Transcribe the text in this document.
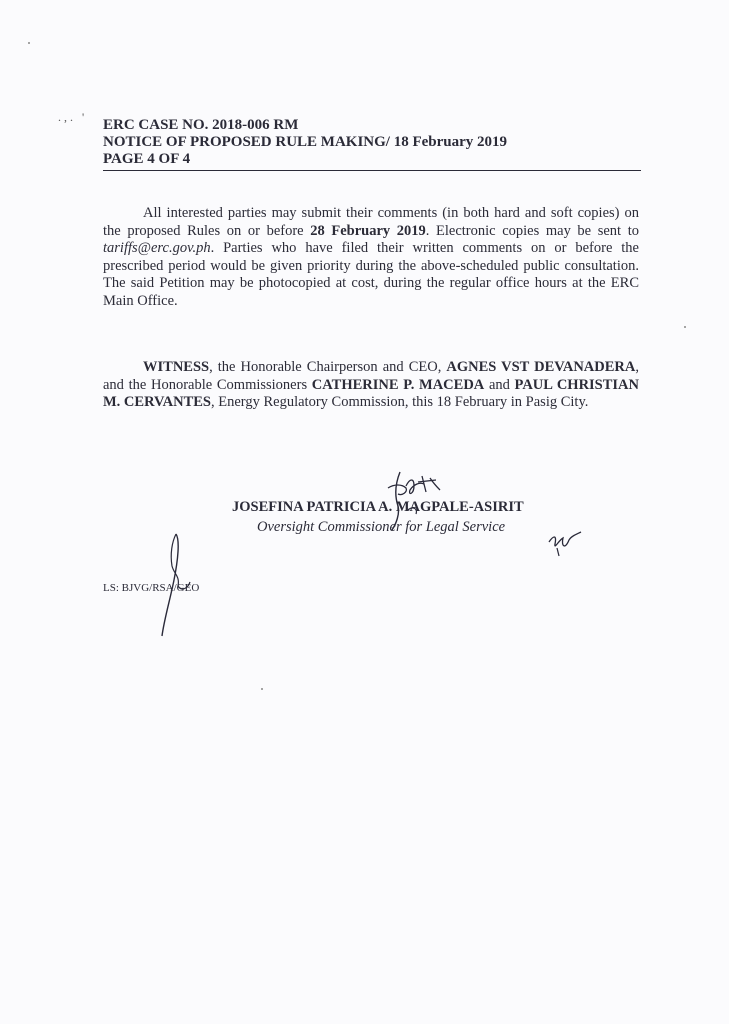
.,. ' ERC CASE NO. 2018-006 RM
NOTICE OF PROPOSED RULE MAKING/ 18 February 2019
PAGE 4 OF 4
All interested parties may submit their comments (in both hard and soft copies) on the proposed Rules on or before 28 February 2019. Electronic copies may be sent to tariffs@erc.gov.ph. Parties who have filed their written comments on or before the prescribed period would be given priority during the above-scheduled public consultation. The said Petition may be photocopied at cost, during the regular office hours at the ERC Main Office.
WITNESS, the Honorable Chairperson and CEO, AGNES VST DEVANADERA, and the Honorable Commissioners CATHERINE P. MACEDA and PAUL CHRISTIAN M. CERVANTES, Energy Regulatory Commission, this 18 February in Pasig City.
JOSEFINA PATRICIA A. MAGPALE-ASIRIT
Oversight Commissioner for Legal Service
LS: BJVG/RSA/GEO
